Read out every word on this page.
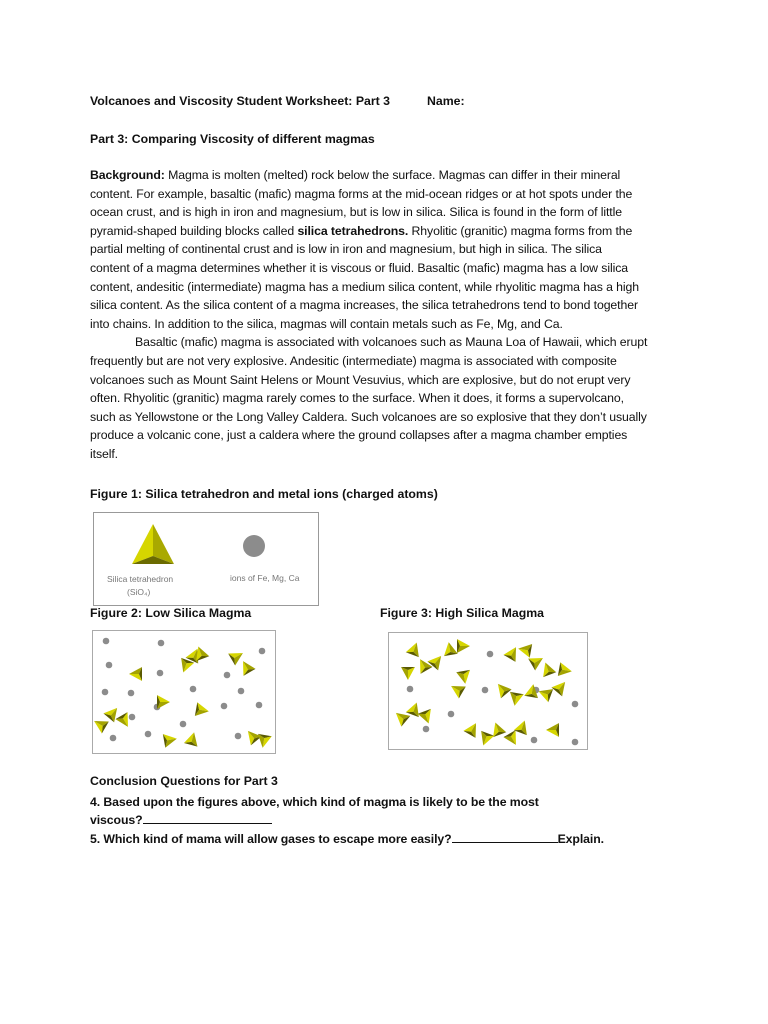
Volcanoes and Viscosity Student Worksheet: Part 3	Name:
Part 3: Comparing Viscosity of different magmas
Background: Magma is molten (melted) rock below the surface. Magmas can differ in their mineral
content. For example, basaltic (mafic) magma forms at the mid-ocean ridges or at hot spots under the
ocean crust, and is high in iron and magnesium, but is low in silica. Silica is found in the form of little
pyramid-shaped building blocks called silica tetrahedrons. Rhyolitic (granitic) magma forms from the
partial melting of continental crust and is low in iron and magnesium, but high in silica. The silica
content of a magma determines whether it is viscous or fluid. Basaltic (mafic) magma has a low silica
content, andesitic (intermediate) magma has a medium silica content, while rhyolitic magma has a high
silica content. As the silica content of a magma increases, the silica tetrahedrons tend to bond together
into chains. In addition to the silica, magmas will contain metals such as Fe, Mg, and Ca.
Basaltic (mafic) magma is associated with volcanoes such as Mauna Loa of Hawaii, which erupt
frequently but are not very explosive. Andesitic (intermediate) magma is associated with composite
volcanoes such as Mount Saint Helens or Mount Vesuvius, which are explosive, but do not erupt very
often. Rhyolitic (granitic) magma rarely comes to the surface. When it does, it forms a supervolcano,
such as Yellowstone or the Long Valley Caldera. Such volcanoes are so explosive that they don’t usually
produce a volcanic cone, just a caldera where the ground collapses after a magma chamber empties
itself.
Figure 1: Silica tetrahedron and metal ions (charged atoms)
Silica tetrahedron
(SiO₄)
ions of Fe, Mg, Ca
Figure 2: Low Silica Magma	Figure 3: High Silica Magma
Conclusion Questions for Part 3
4. Based upon the figures above, which kind of magma is likely to be the most
viscous?
5. Which kind of mama will allow gases to escape more easily?	Explain.
